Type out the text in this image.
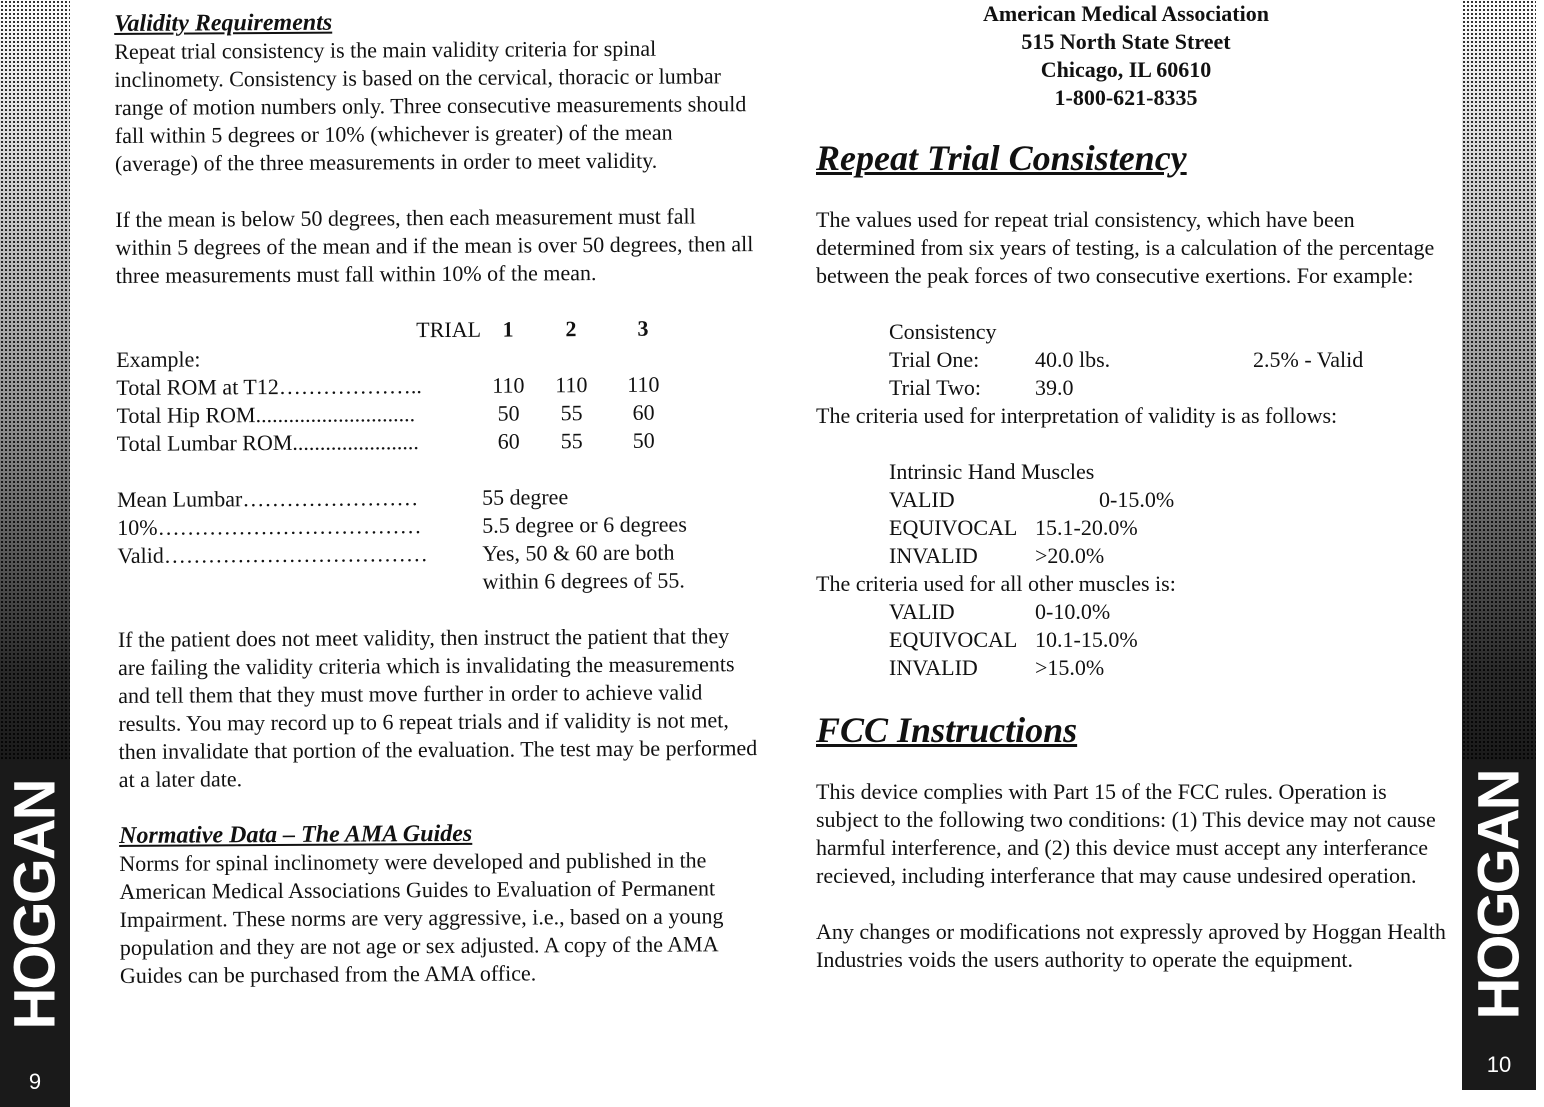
HOGGAN
9
HOGGAN
10
Validity Requirements

Repeat trial consistency is the main validity criteria for spinal inclinomety. Consistency is based on the cervical, thoracic or lumbar range of motion numbers only. Three consecutive measurements should fall within 5 degrees or 10% (whichever is greater) of the mean (average) of the three measurements in order to meet validity.

If the mean is below 50 degrees, then each measurement must fall within 5 degrees of the mean and if the mean is over 50 degrees, then all three measurements must fall within 10% of the mean.

TRIAL 1	2	3
Example:
Total ROM at T12………………..	110	110	110
Total Hip ROM.............................	50	55	60
Total Lumbar ROM.......................	60	55	50
Mean Lumbar……………………	55 degree
10%………………………………	5.5 degree or 6 degrees
Valid………………………………	Yes, 50 & 60 are both
within 6 degrees of 55.

If the patient does not meet validity, then instruct the patient that they are failing the validity criteria which is invalidating the measurements and tell them that they must move further in order to achieve valid results. You may record up to 6 repeat trials and if validity is not met, then invalidate that portion of the evaluation. The test may be performed at a later date.

Normative Data – The AMA Guides

Norms for spinal inclinomety were developed and published in the American Medical Associations Guides to Evaluation of Permanent Impairment. These norms are very aggressive, i.e., based on a young population and they are not age or sex adjusted. A copy of the AMA Guides can be purchased from the AMA office.

American Medical Association
515 North State Street
Chicago, IL 60610
1-800-621-8335
Repeat Trial Consistency

The values used for repeat trial consistency, which have been determined from six years of testing, is a calculation of the percentage between the peak forces of two consecutive exertions. For example:

Consistency
Trial One:	40.0 lbs.	2.5% - Valid
Trial Two:	39.0

The criteria used for interpretation of validity is as follows:

Intrinsic Hand Muscles
VALID	0-15.0%
EQUIVOCAL 15.1-20.0%
INVALID	>20.0%

The criteria used for all other muscles is:

VALID	0-10.0%
EQUIVOCAL 10.1-15.0%
INVALID	>15.0%
FCC Instructions

This device complies with Part 15 of the FCC rules. Operation is subject to the following two conditions: (1) This device may not cause harmful interference, and (2) this device must accept any interferance recieved, including interferance that may cause undesired operation.

Any changes or modifications not expressly aproved by Hoggan Health Industries voids the users authority to operate the equipment.
